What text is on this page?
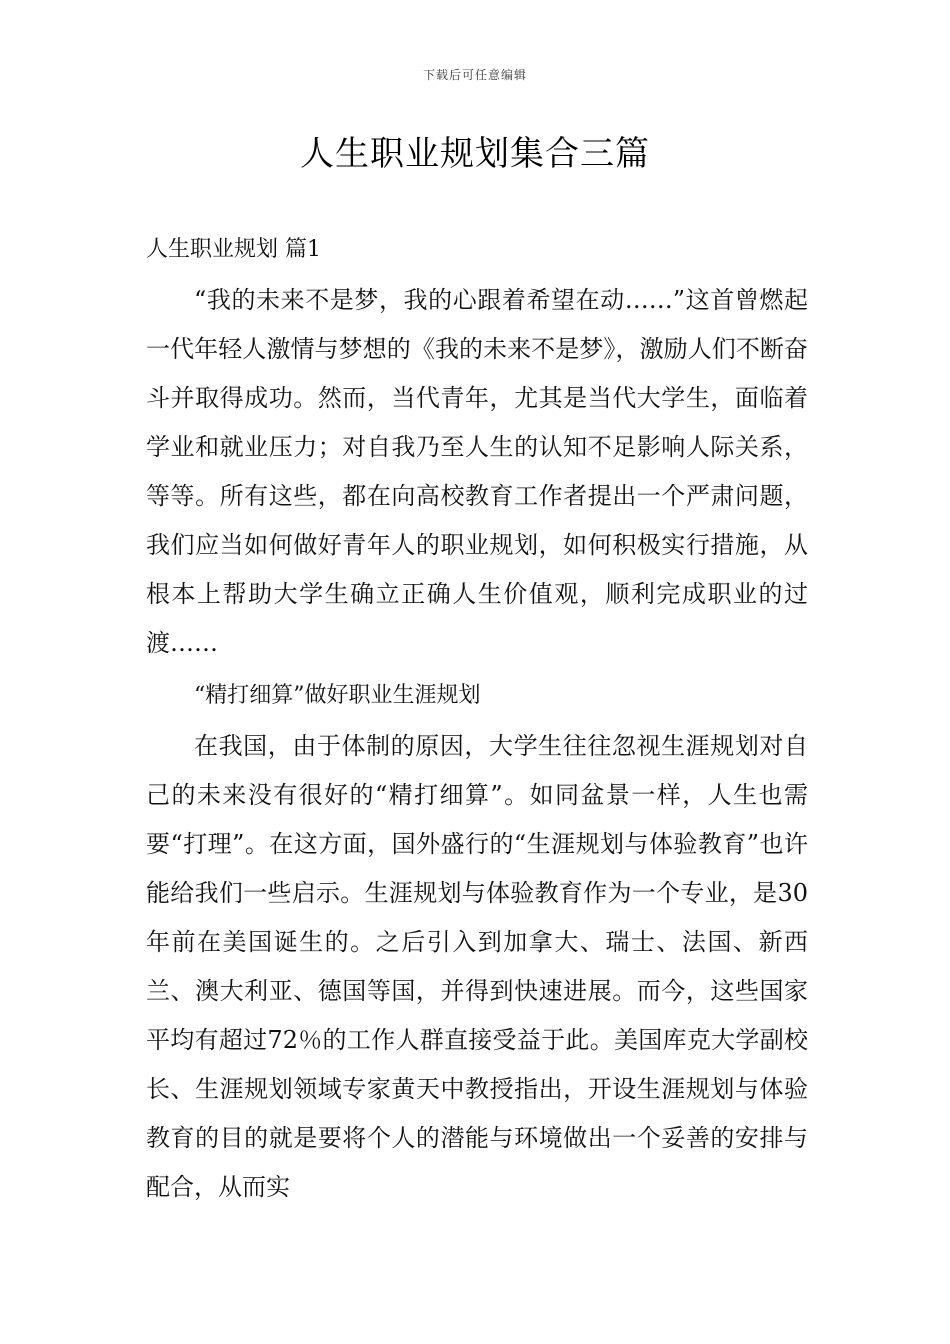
下载后可任意编辑
人生职业规划集合三篇

人生职业规划 篇1

“我的未来不是梦，我的心跟着希望在动……”这首曾燃起一代年轻人激情与梦想的《我的未来不是梦》，激励人们不断奋斗并取得成功。然而，当代青年，尤其是当代大学生，面临着学业和就业压力；对自我乃至人生的认知不足影响人际关系，等等。所有这些，都在向高校教育工作者提出一个严肃问题，我们应当如何做好青年人的职业规划，如何积极实行措施，从根本上帮助大学生确立正确人生价值观，顺利完成职业的过渡……

“精打细算”做好职业生涯规划

在我国，由于体制的原因，大学生往往忽视生涯规划对自己的未来没有很好的“精打细算”。如同盆景一样，人生也需要“打理”。在这方面，国外盛行的“生涯规划与体验教育”也许能给我们一些启示。生涯规划与体验教育作为一个专业，是30年前在美国诞生的。之后引入到加拿大、瑞士、法国、新西兰、澳大利亚、德国等国，并得到快速进展。而今，这些国家平均有超过72％的工作人群直接受益于此。美国库克大学副校长、生涯规划领域专家黄天中教授指出，开设生涯规划与体验教育的目的就是要将个人的潜能与环境做出一个妥善的安排与配合，从而实
